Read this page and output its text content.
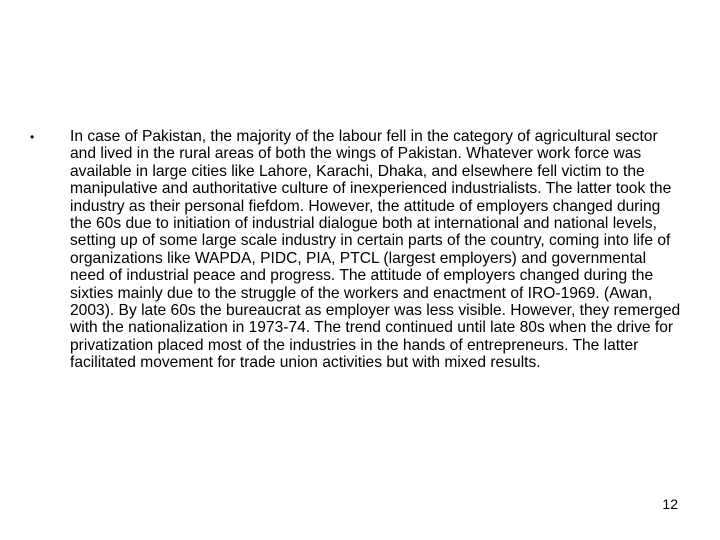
•	In case of Pakistan, the majority of the labour fell in the category of agricultural sector and lived in the rural areas of both the wings of Pakistan. Whatever work force was available in large cities like Lahore, Karachi, Dhaka, and elsewhere fell victim to the manipulative and authoritative culture of inexperienced industrialists. The latter took the industry as their personal fiefdom. However, the attitude of employers changed during the 60s due to initiation of industrial dialogue both at international and national levels, setting up of some large scale industry in certain parts of the country, coming into life of organizations like WAPDA, PIDC, PIA, PTCL (largest employers) and governmental need of industrial peace and progress. The attitude of employers changed during the sixties mainly due to the struggle of the workers and enactment of IRO-1969. (Awan, 2003). By late 60s the bureaucrat as employer was less visible. However, they remerged with the nationalization in 1973-74. The trend continued until late 80s when the drive for privatization placed most of the industries in the hands of entrepreneurs. The latter facilitated movement for trade union activities but with mixed results.

12
